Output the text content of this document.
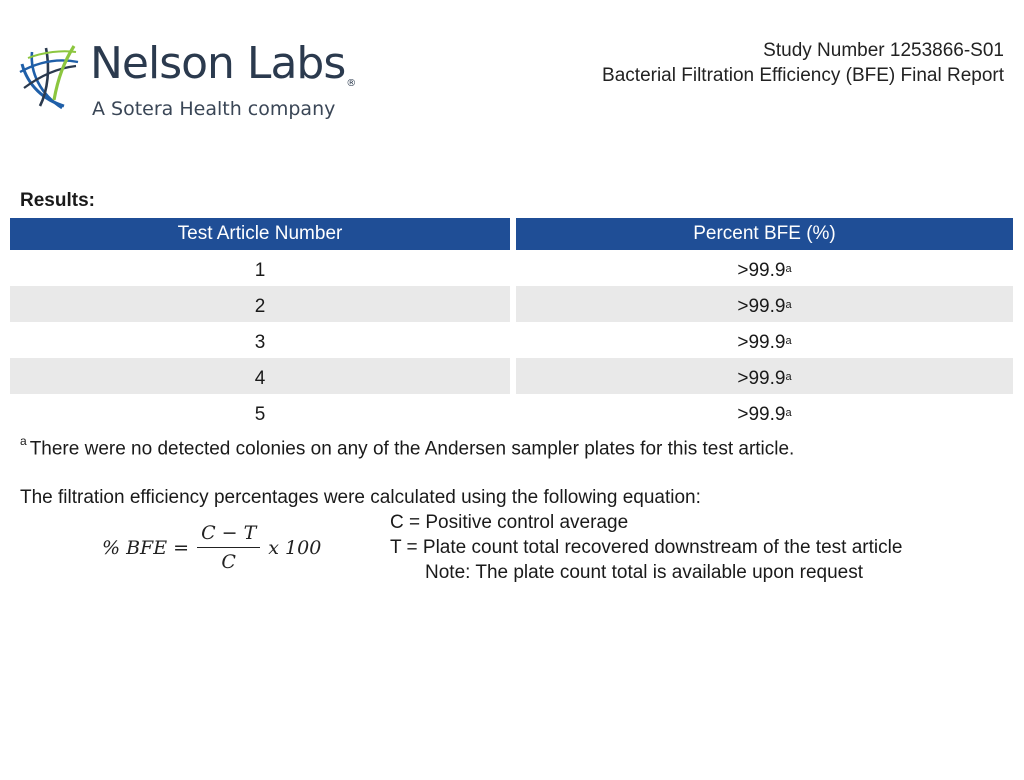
Nelson Labs®
A Sotera Health company
Study Number 1253866-S01
Bacterial Filtration Efficiency (BFE) Final Report
Results:
Test Article Number	Percent BFE (%)
1	>99.9$^a$
2	>99.9$^a$
3	>99.9$^a$
4	>99.9$^a$
5	>99.9$^a$
$^a$ There were no detected colonies on any of the Andersen sampler plates for this test article.
The filtration efficiency percentages were calculated using the following equation:
% BFE = $\frac{C - T}{C}$ x 100
C = Positive control average
T = Plate count total recovered downstream of the test article
Note: The plate count total is available upon request
